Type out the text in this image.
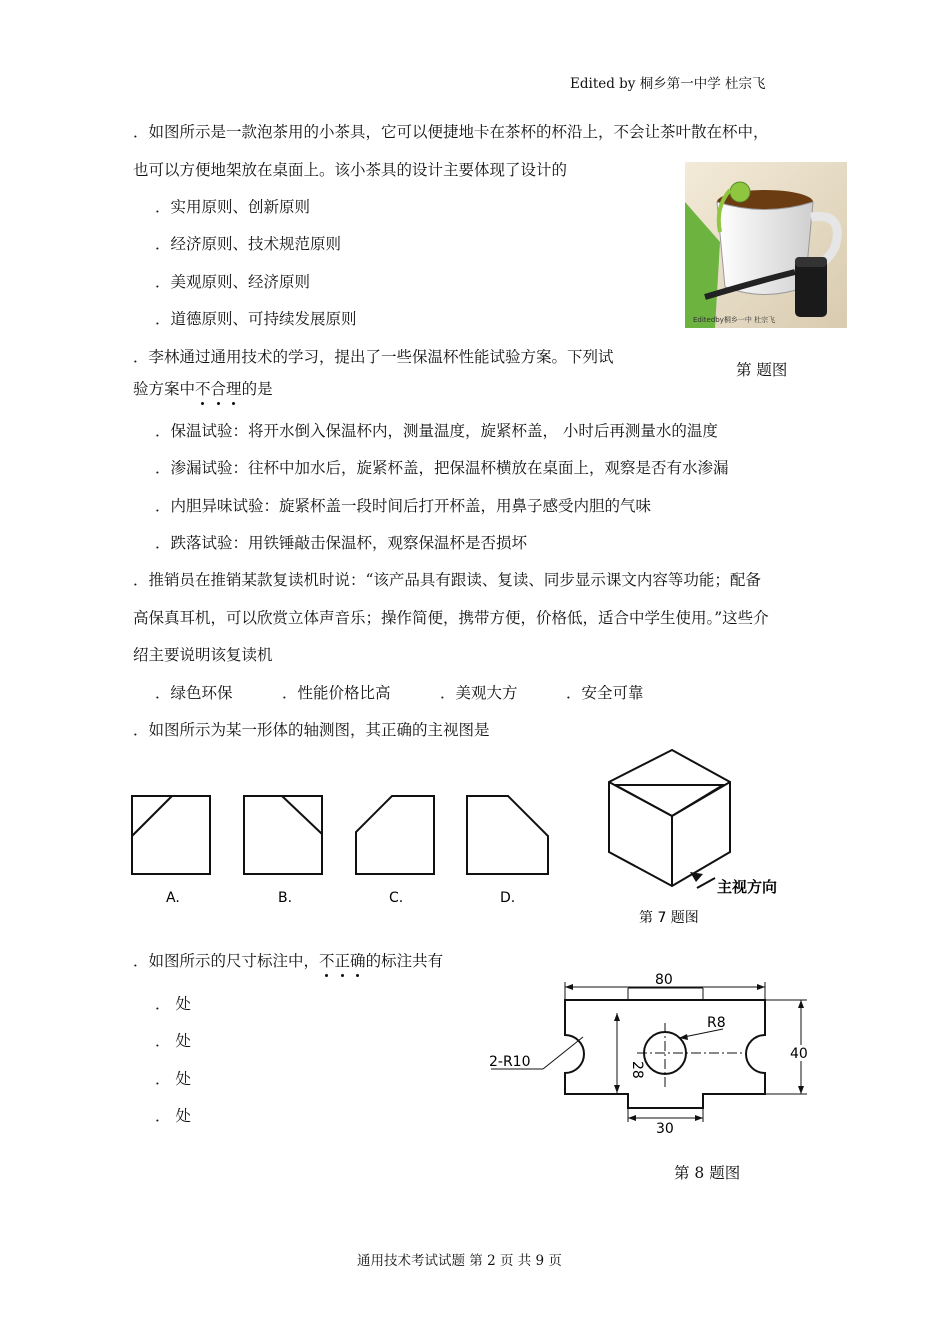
Edited by 桐乡第一中学 杜宗飞
．如图所示是一款泡茶用的小茶具，它可以便捷地卡在茶杯的杯沿上，不会让茶叶散在杯中，
也可以方便地架放在桌面上。该小茶具的设计主要体现了设计的
．实用原则、创新原则
．经济原则、技术规范原则
．美观原则、经济原则
．道德原则、可持续发展原则	Editedby桐乡一中 杜宗飞
第 题图
．李林通过通用技术的学习，提出了一些保温杯性能试验方案。下列试
验方案中不合理的是
．保温试验：将开水倒入保温杯内，测量温度，旋紧杯盖， 小时后再测量水的温度
．渗漏试验：往杯中加水后，旋紧杯盖，把保温杯横放在桌面上，观察是否有水渗漏
．内胆异味试验：旋紧杯盖一段时间后打开杯盖，用鼻子感受内胆的气味
．跌落试验：用铁锤敲击保温杯，观察保温杯是否损坏
．推销员在推销某款复读机时说：“该产品具有跟读、复读、同步显示课文内容等功能；配备
高保真耳机，可以欣赏立体声音乐；操作简便，携带方便，价格低，适合中学生使用。”这些介
绍主要说明该复读机
．绿色环保	．性能价格比高	．美观大方	．安全可靠
．如图所示为某一形体的轴测图，其正确的主视图是
A.	B.	C.	D.
主视方向
第 7 题图
．如图所示的尺寸标注中，不正确的标注共有
． 处
． 处
． 处
． 处
80
R8
28
2-R10	40
30
第 8 题图
通用技术考试试题 第 2 页 共 9 页
